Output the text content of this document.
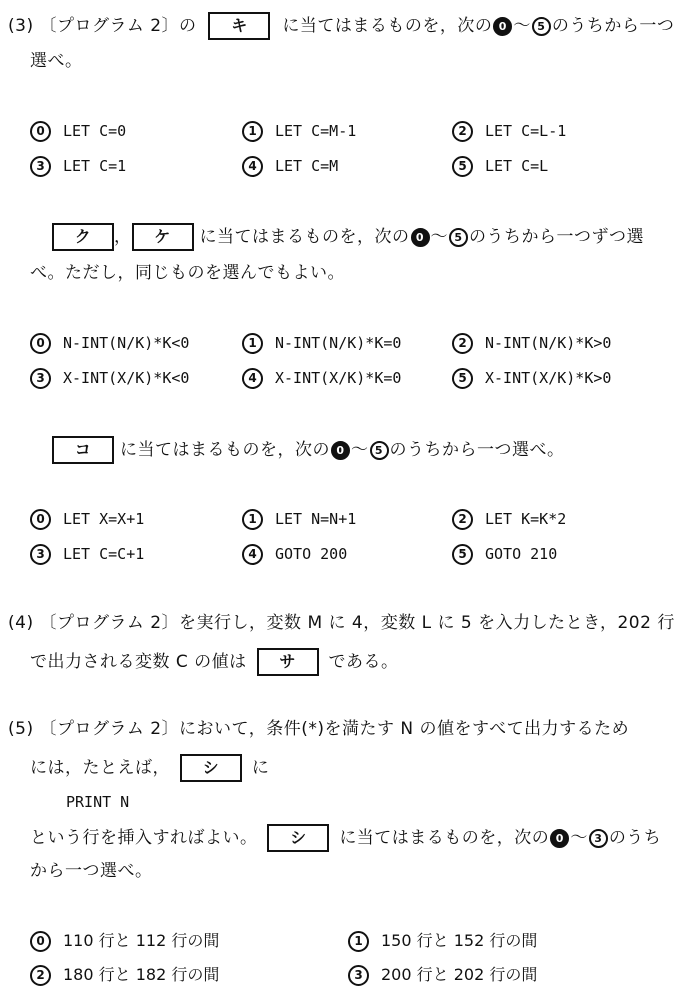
(3) 〔プログラム 2〕の キ に当てはまるものを，次の 0 〜 5 のうちから一つ
選べ。
0 LET C=0	1 LET C=M-1	2 LET C=L-1
3 LET C=1	4 LET C=M	5 LET C=L
ク ， ケ に当てはまるものを，次の 0 〜 5 のうちから一つずつ選
べ。ただし，同じものを選んでもよい。
0 N-INT(N/K)*K<0	1 N-INT(N/K)*K=0	2 N-INT(N/K)*K>0
3 X-INT(X/K)*K<0	4 X-INT(X/K)*K=0	5 X-INT(X/K)*K>0
コ に当てはまるものを，次の 0 〜 5 のうちから一つ選べ。
0 LET X=X+1	1 LET N=N+1	2 LET K=K*2
3 LET C=C+1	4 GOTO 200	5 GOTO 210
(4) 〔プログラム 2〕を実行し，変数 M に 4，変数 L に 5 を入力したとき，202 行
で出力される変数 C の値は サ である。
(5) 〔プログラム 2〕において，条件(*)を満たす N の値をすべて出力するため
には，たとえば， シ に
PRINT N
という行を挿入すればよい。 シ に当てはまるものを，次の 0 〜 3 のうち
から一つ選べ。
0 110 行と 112 行の間	1 150 行と 152 行の間
2 180 行と 182 行の間	3 200 行と 202 行の間
